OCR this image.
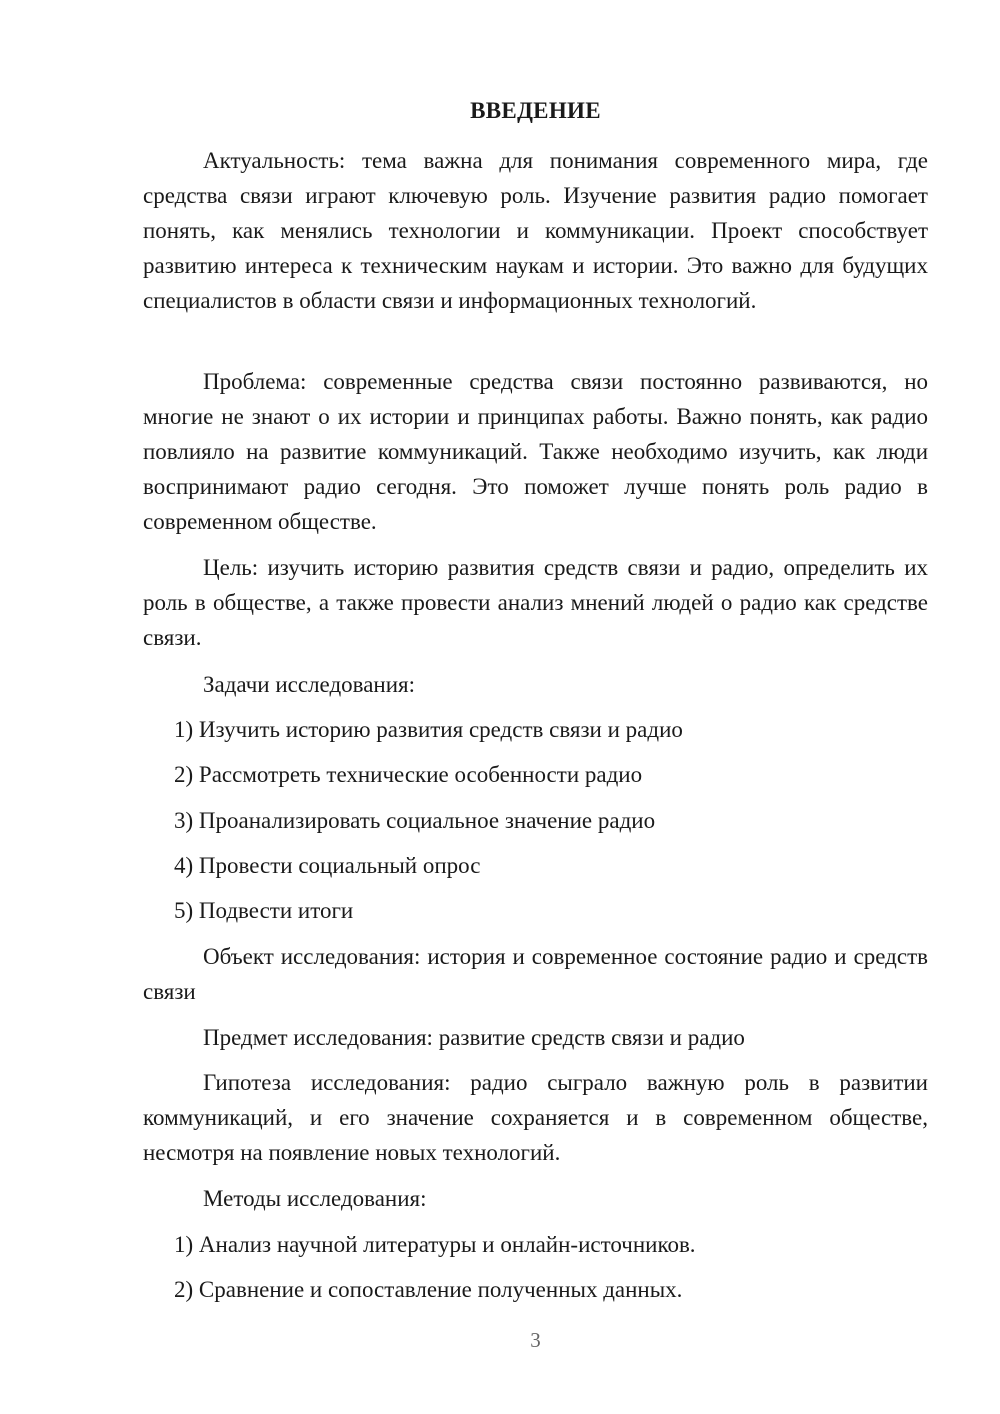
ВВЕДЕНИЕ

Актуальность: тема важна для понимания современного мира, где средства связи играют ключевую роль. Изучение развития радио помогает понять, как менялись технологии и коммуникации. Проект способствует развитию интереса к техническим наукам и истории. Это важно для будущих специалистов в области связи и информационных технологий.

Проблема: современные средства связи постоянно развиваются, но многие не знают о их истории и принципах работы. Важно понять, как радио повлияло на развитие коммуникаций. Также необходимо изучить, как люди воспринимают радио сегодня. Это поможет лучше понять роль радио в современном обществе.

Цель: изучить историю развития средств связи и радио, определить их роль в обществе, а также провести анализ мнений людей о радио как средстве связи.

Задачи исследования:

1) Изучить историю развития средств связи и радио

2) Рассмотреть технические особенности радио

3) Проанализировать социальное значение радио

4) Провести социальный опрос

5) Подвести итоги

Объект исследования: история и современное состояние радио и средств связи

Предмет исследования: развитие средств связи и радио

Гипотеза исследования: радио сыграло важную роль в развитии коммуникаций, и его значение сохраняется и в современном обществе, несмотря на появление новых технологий.

Методы исследования:

1) Анализ научной литературы и онлайн-источников.

2) Сравнение и сопоставление полученных данных.

3
